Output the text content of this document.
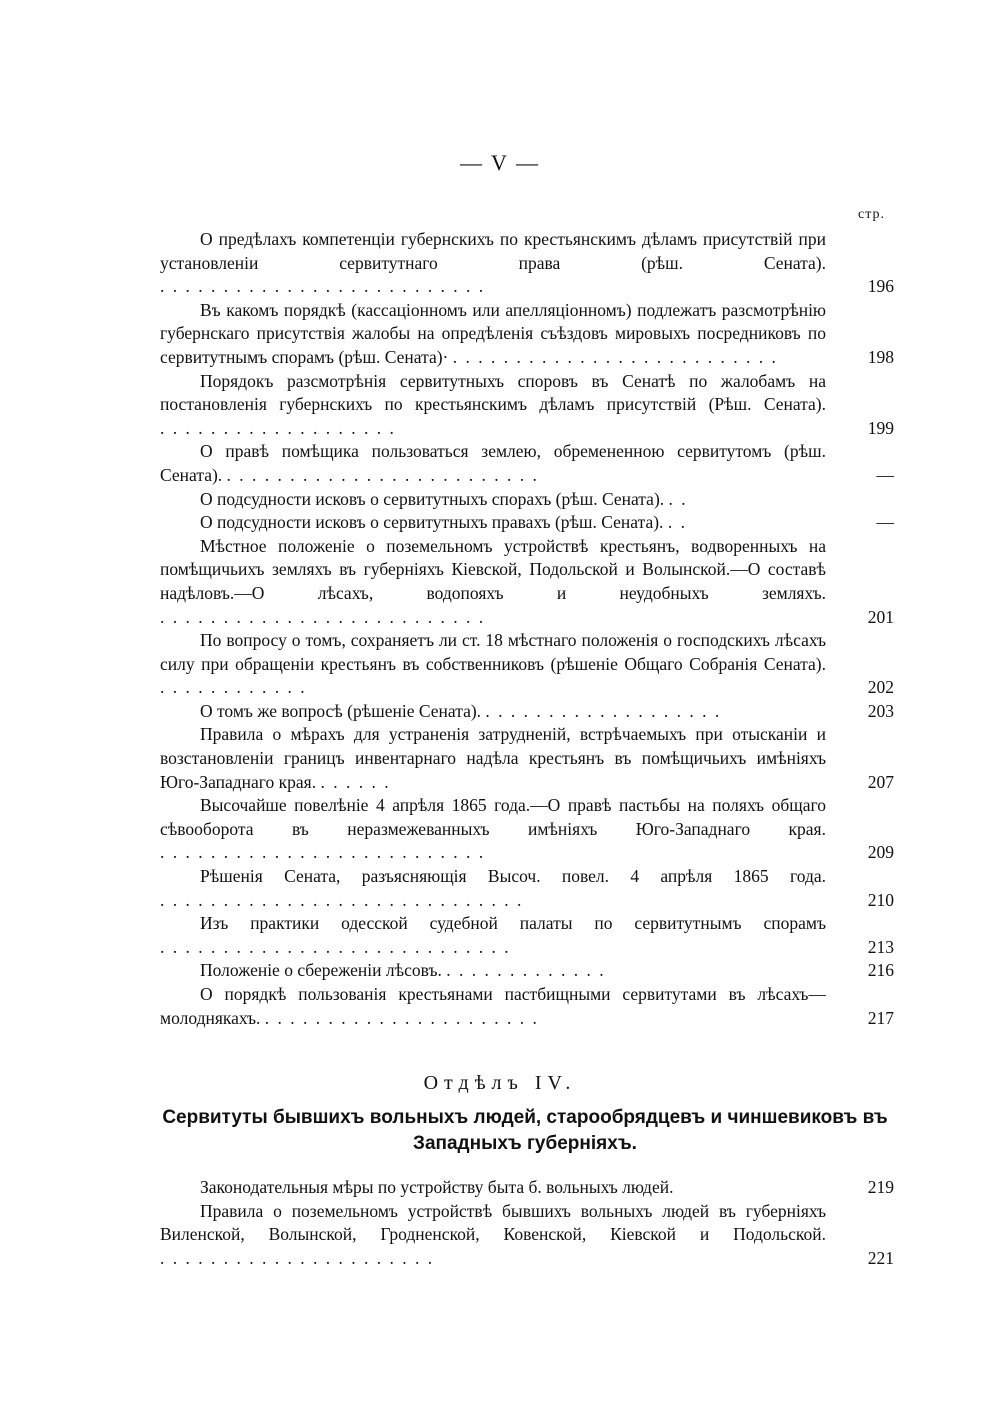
— V —
стр.
О предѣлахъ компетенціи губернскихъ по крестьянскимъ дѣламъ присутствій при установленіи сервитутнаго права (рѣш. Сената). . . . . . . . . . . . . . . . . . . . . . . . . . .	196
Въ какомъ порядкѣ (кассаціонномъ или апелляціонномъ) подлежатъ разсмотрѣнію губернскаго присутствія жалобы на опредѣленія съѣздовъ мировыхъ посредниковъ по сервитутнымъ спорамъ (рѣш. Сената)· . . . . . . . . . . . . . . . . . . . . . . . . . .	198
Порядокъ разсмотрѣнія сервитутныхъ споровъ въ Сенатѣ по жалобамъ на постановленія губернскихъ по крестьянскимъ дѣламъ присутствій (Рѣш. Сената). . . . . . . . . . . . . . . . . . . .	199
О правѣ помѣщика пользоваться землею, обремененною сервитутомъ (рѣш. Сената). . . . . . . . . . . . . . . . . . . . . . . . . .	—
О подсудности исковъ о сервитутныхъ спорахъ (рѣш. Сената). . .
О подсудности исковъ о сервитутныхъ правахъ (рѣш. Сената). . .	—
Мѣстное положеніе о поземельномъ устройствѣ крестьянъ, водворенныхъ на помѣщичьихъ земляхъ въ губерніяхъ Кіевской, Подольской и Волынской.—О составѣ надѣловъ.—О лѣсахъ, водопояхъ и неудобныхъ земляхъ. . . . . . . . . . . . . . . . . . . . . . . . . . .	201
По вопросу о томъ, сохраняетъ ли ст. 18 мѣстнаго положенія о господскихъ лѣсахъ силу при обращеніи крестьянъ въ собственниковъ (рѣшеніе Общаго Собранія Сената). . . . . . . . . . . . .	202
О томъ же вопросѣ (рѣшеніе Сената). . . . . . . . . . . . . . . . . . . .	203
Правила о мѣрахъ для устраненія затрудненій, встрѣчаемыхъ при отысканіи и возстановленіи границъ инвентарнаго надѣла крестьянъ въ помѣщичьихъ имѣніяхъ Юго-Западнаго края. . . . . . .	207
Высочайше повелѣніе 4 апрѣля 1865 года.—О правѣ пастьбы на поляхъ общаго сѣвооборота въ неразмежеванныхъ имѣніяхъ Юго-Западнаго края. . . . . . . . . . . . . . . . . . . . . . . . . . .	209
Рѣшенія Сената, разъясняющія Высоч. повел. 4 апрѣля 1865 года. . . . . . . . . . . . . . . . . . . . . . . . . . . . . .	210
Изъ практики одесской судебной палаты по сервитутнымъ спорамъ . . . . . . . . . . . . . . . . . . . . . . . . . . . .	213
Положеніе о сбереженіи лѣсовъ. . . . . . . . . . . . . .	216
О порядкѣ пользованія крестьянами пастбищными сервитутами въ лѣсахъ—молоднякахъ. . . . . . . . . . . . . . . . . . . . . . .	217
Отдѣлъ IV.
Сервитуты бывшихъ вольныхъ людей, старообрядцевъ и чиншевиковъ въ Западныхъ губерніяхъ.
Законодательныя мѣры по устройству быта б. вольныхъ людей.	219
Правила о поземельномъ устройствѣ бывшихъ вольныхъ людей въ губерніяхъ Виленской, Волынской, Гродненской, Ковенской, Кіевской и Подольской. . . . . . . . . . . . . . . . . . . . . . .	221
